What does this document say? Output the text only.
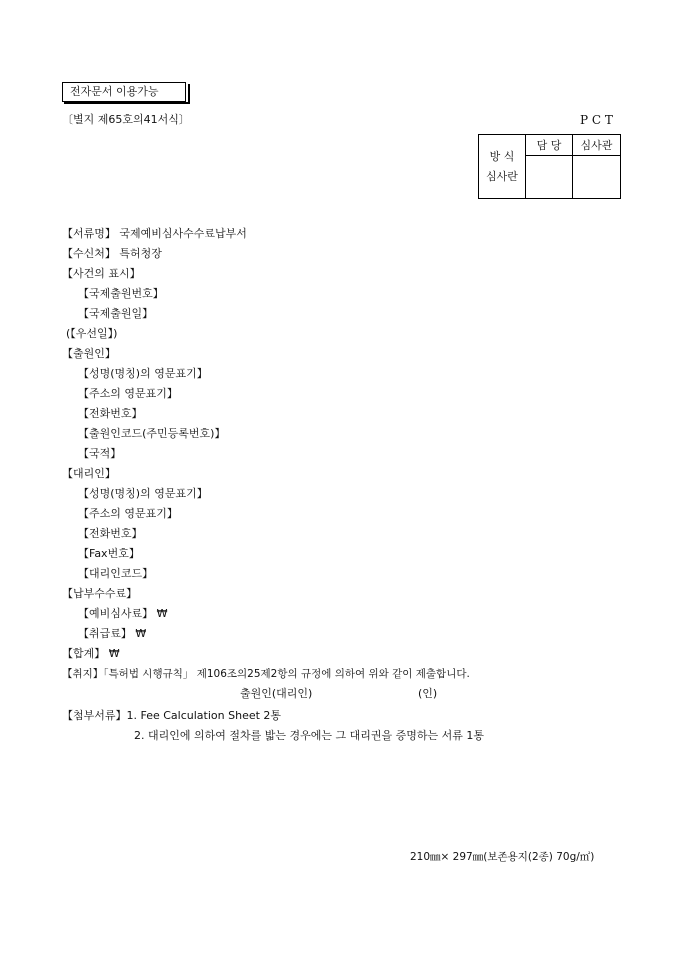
전자문서 이용가능
〔별지 제65호의41서식〕	P C T
방 식
심사란	담 당	심사관

【서류명】 국제예비심사수수료납부서
【수신처】 특허청장
【사건의 표시】
【국제출원번호】
【국제출원일】
(【우선일】)
【출원인】
【성명(명칭)의 영문표기】
【주소의 영문표기】
【전화번호】
【출원인코드(주민등록번호)】
【국적】
【대리인】
【성명(명칭)의 영문표기】
【주소의 영문표기】
【전화번호】
【Fax번호】
【대리인코드】
【납부수수료】
【예비심사료】 ₩
【취급료】 ₩
【합계】 ₩
【취지】「특허법 시행규칙」 제106조의25제2항의 규정에 의하여 위와 같이 제출합니다.
출원인(대리인)	(인)
【첨부서류】1. Fee Calculation Sheet 2통
2. 대리인에 의하여 절차를 밟는 경우에는 그 대리권을 증명하는 서류 1통
210㎜× 297㎜(보존용지(2종) 70g/㎡)
